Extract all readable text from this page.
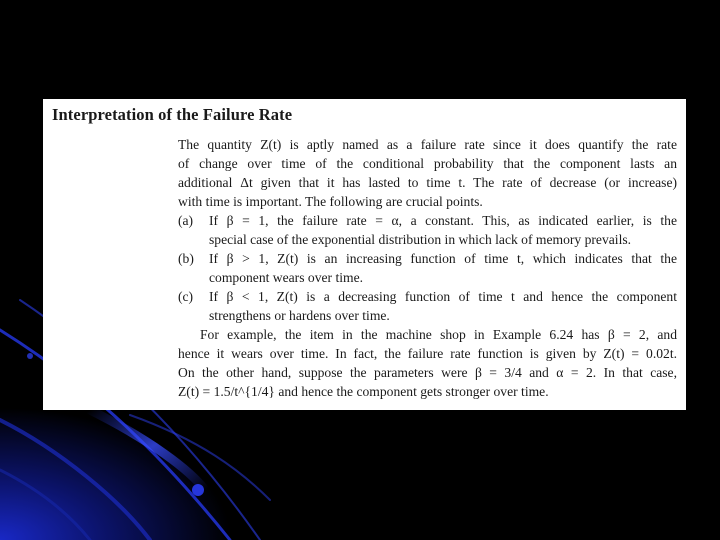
Interpretation of the Failure Rate
The quantity Z(t) is aptly named as a failure rate since it does quantify the rate
of change over time of the conditional probability that the component lasts an
additional Δt given that it has lasted to time t. The rate of decrease (or increase)
with time is important. The following are crucial points.
(a) If β = 1, the failure rate = α, a constant. This, as indicated earlier, is the
special case of the exponential distribution in which lack of memory prevails.
(b) If β > 1, Z(t) is an increasing function of time t, which indicates that the
component wears over time.
(c) If β < 1, Z(t) is a decreasing function of time t and hence the component
strengthens or hardens over time.
For example, the item in the machine shop in Example 6.24 has β = 2, and
hence it wears over time. In fact, the failure rate function is given by Z(t) = 0.02t.
On the other hand, suppose the parameters were β = 3/4 and α = 2. In that case,
Z(t) = 1.5/t^{1/4} and hence the component gets stronger over time.
